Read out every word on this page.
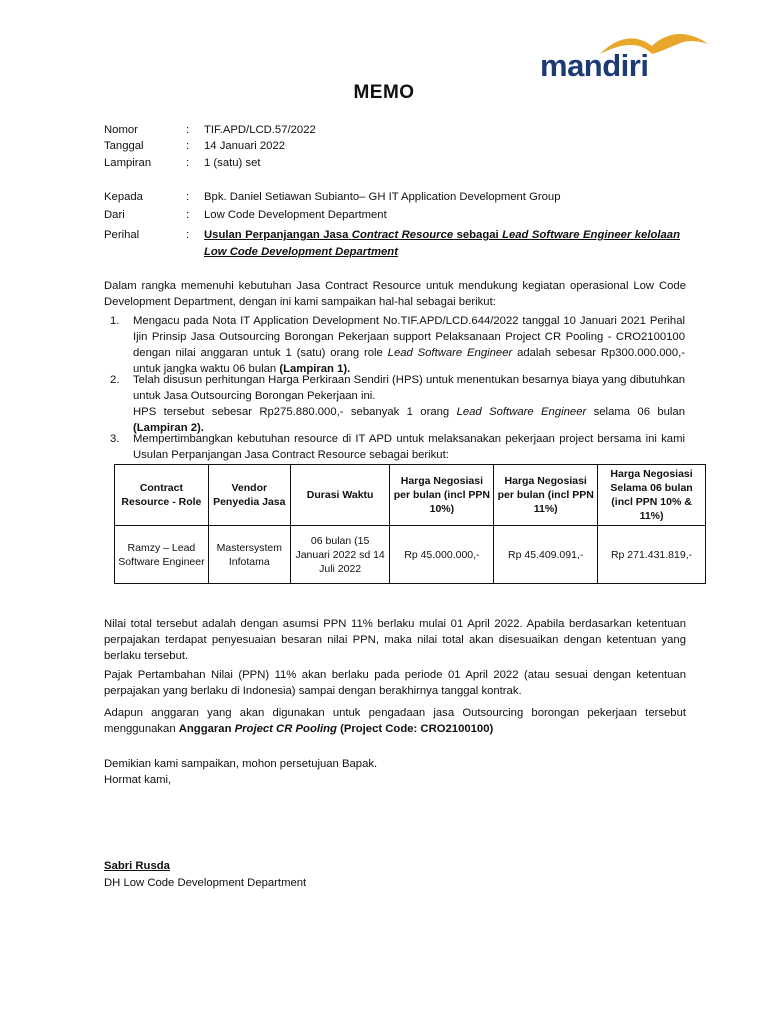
mandiri
MEMO
Nomor	: TIF.APD/LCD.57/2022
Tanggal	: 14 Januari 2022
Lampiran	: 1 (satu) set
Kepada	: Bpk. Daniel Setiawan Subianto– GH IT Application Development Group
Dari	: Low Code Development Department
Perihal	: Usulan Perpanjangan Jasa Contract Resource sebagai Lead Software Engineer kelolaan Low Code Development Department

Dalam rangka memenuhi kebutuhan Jasa Contract Resource untuk mendukung kegiatan operasional Low Code Development Department, dengan ini kami sampaikan hal-hal sebagai berikut:

1. Mengacu pada Nota IT Application Development No.TIF.APD/LCD.644/2022 tanggal 10 Januari 2021 Perihal Ijin Prinsip Jasa Outsourcing Borongan Pekerjaan support Pelaksanaan Project CR Pooling - CRO2100100 dengan nilai anggaran untuk 1 (satu) orang role Lead Software Engineer adalah sebesar Rp300.000.000,- untuk jangka waktu 06 bulan (Lampiran 1).
2. Telah disusun perhitungan Harga Perkiraan Sendiri (HPS) untuk menentukan besarnya biaya yang dibutuhkan untuk Jasa Outsourcing Borongan Pekerjaan ini.
HPS tersebut sebesar Rp275.880.000,- sebanyak 1 orang Lead Software Engineer selama 06 bulan (Lampiran 2).
3. Mempertimbangkan kebutuhan resource di IT APD untuk melaksanakan pekerjaan project bersama ini kami Usulan Perpanjangan Jasa Contract Resource sebagai berikut:
Contract Resource - Role	Vendor Penyedia Jasa	Durasi Waktu	Harga Negosiasi per bulan (incl PPN 10%)	Harga Negosiasi per bulan (incl PPN 11%)	Harga Negosiasi Selama 06 bulan (incl PPN 10% & 11%)
Ramzy – Lead Software Engineer	Mastersystem Infotama	06 bulan (15 Januari 2022 sd 14 Juli 2022	Rp 45.000.000,-	Rp 45.409.091,-	Rp 271.431.819,-

Nilai total tersebut adalah dengan asumsi PPN 11% berlaku mulai 01 April 2022. Apabila berdasarkan ketentuan perpajakan terdapat penyesuaian besaran nilai PPN, maka nilai total akan disesuaikan dengan ketentuan yang berlaku tersebut.

Pajak Pertambahan Nilai (PPN) 11% akan berlaku pada periode 01 April 2022 (atau sesuai dengan ketentuan perpajakan yang berlaku di Indonesia) sampai dengan berakhirnya tanggal kontrak.

Adapun anggaran yang akan digunakan untuk pengadaan jasa Outsourcing borongan pekerjaan tersebut menggunakan Anggaran Project CR Pooling (Project Code: CRO2100100)

Demikian kami sampaikan, mohon persetujuan Bapak.

Hormat kami,

Sabri Rusda
DH Low Code Development Department
